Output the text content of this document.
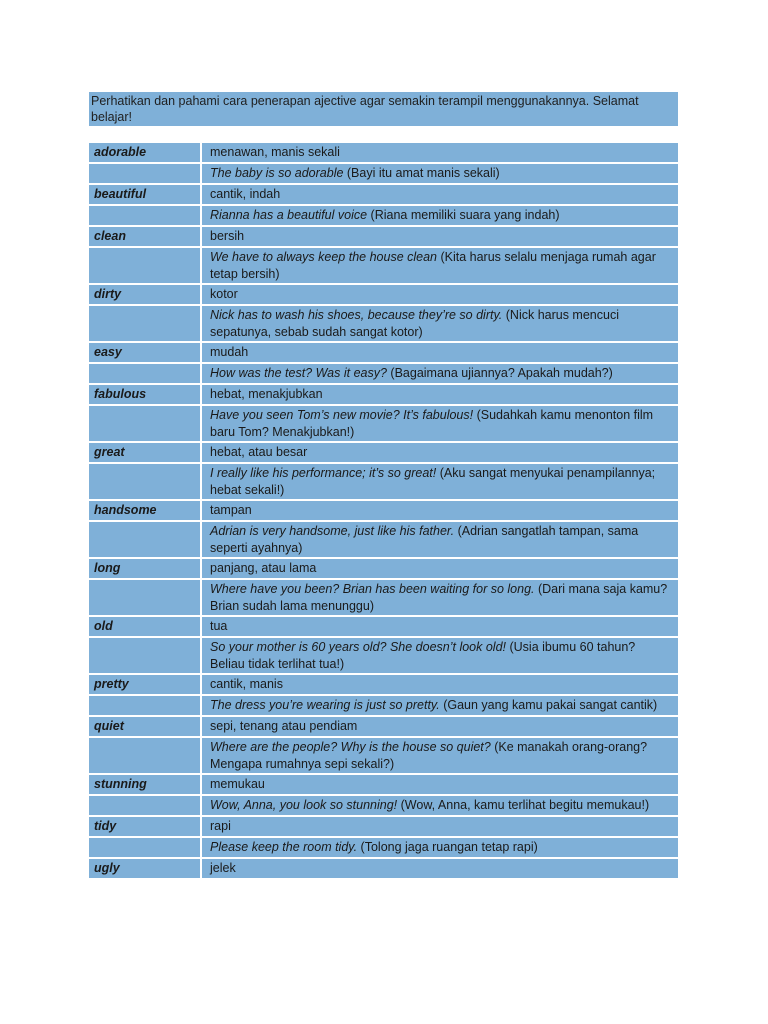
Perhatikan dan pahami cara penerapan ajective agar semakin terampil menggunakannya. Selamat belajar!
adorable	menawan, manis sekali
The baby is so adorable (Bayi itu amat manis sekali)
beautiful	cantik, indah
Rianna has a beautiful voice (Riana memiliki suara yang indah)
clean	bersih
We have to always keep the house clean (Kita harus selalu menjaga rumah agar tetap bersih)
dirty	kotor
Nick has to wash his shoes, because they’re so dirty. (Nick harus mencuci sepatunya, sebab sudah sangat kotor)
easy	mudah
How was the test? Was it easy? (Bagaimana ujiannya? Apakah mudah?)
fabulous	hebat, menakjubkan
Have you seen Tom’s new movie? It’s fabulous! (Sudahkah kamu menonton film baru Tom? Menakjubkan!)
great	hebat, atau besar
I really like his performance; it’s so great! (Aku sangat menyukai penampilannya; hebat sekali!)
handsome	tampan
Adrian is very handsome, just like his father. (Adrian sangatlah tampan, sama seperti ayahnya)
long	panjang, atau lama
Where have you been? Brian has been waiting for so long. (Dari mana saja kamu? Brian sudah lama menunggu)
old	tua
So your mother is 60 years old? She doesn’t look old! (Usia ibumu 60 tahun? Beliau tidak terlihat tua!)
pretty	cantik, manis
The dress you’re wearing is just so pretty. (Gaun yang kamu pakai sangat cantik)
quiet	sepi, tenang atau pendiam
Where are the people? Why is the house so quiet? (Ke manakah orang-orang? Mengapa rumahnya sepi sekali?)
stunning	memukau
Wow, Anna, you look so stunning! (Wow, Anna, kamu terlihat begitu memukau!)
tidy	rapi
Please keep the room tidy. (Tolong jaga ruangan tetap rapi)
ugly	jelek
